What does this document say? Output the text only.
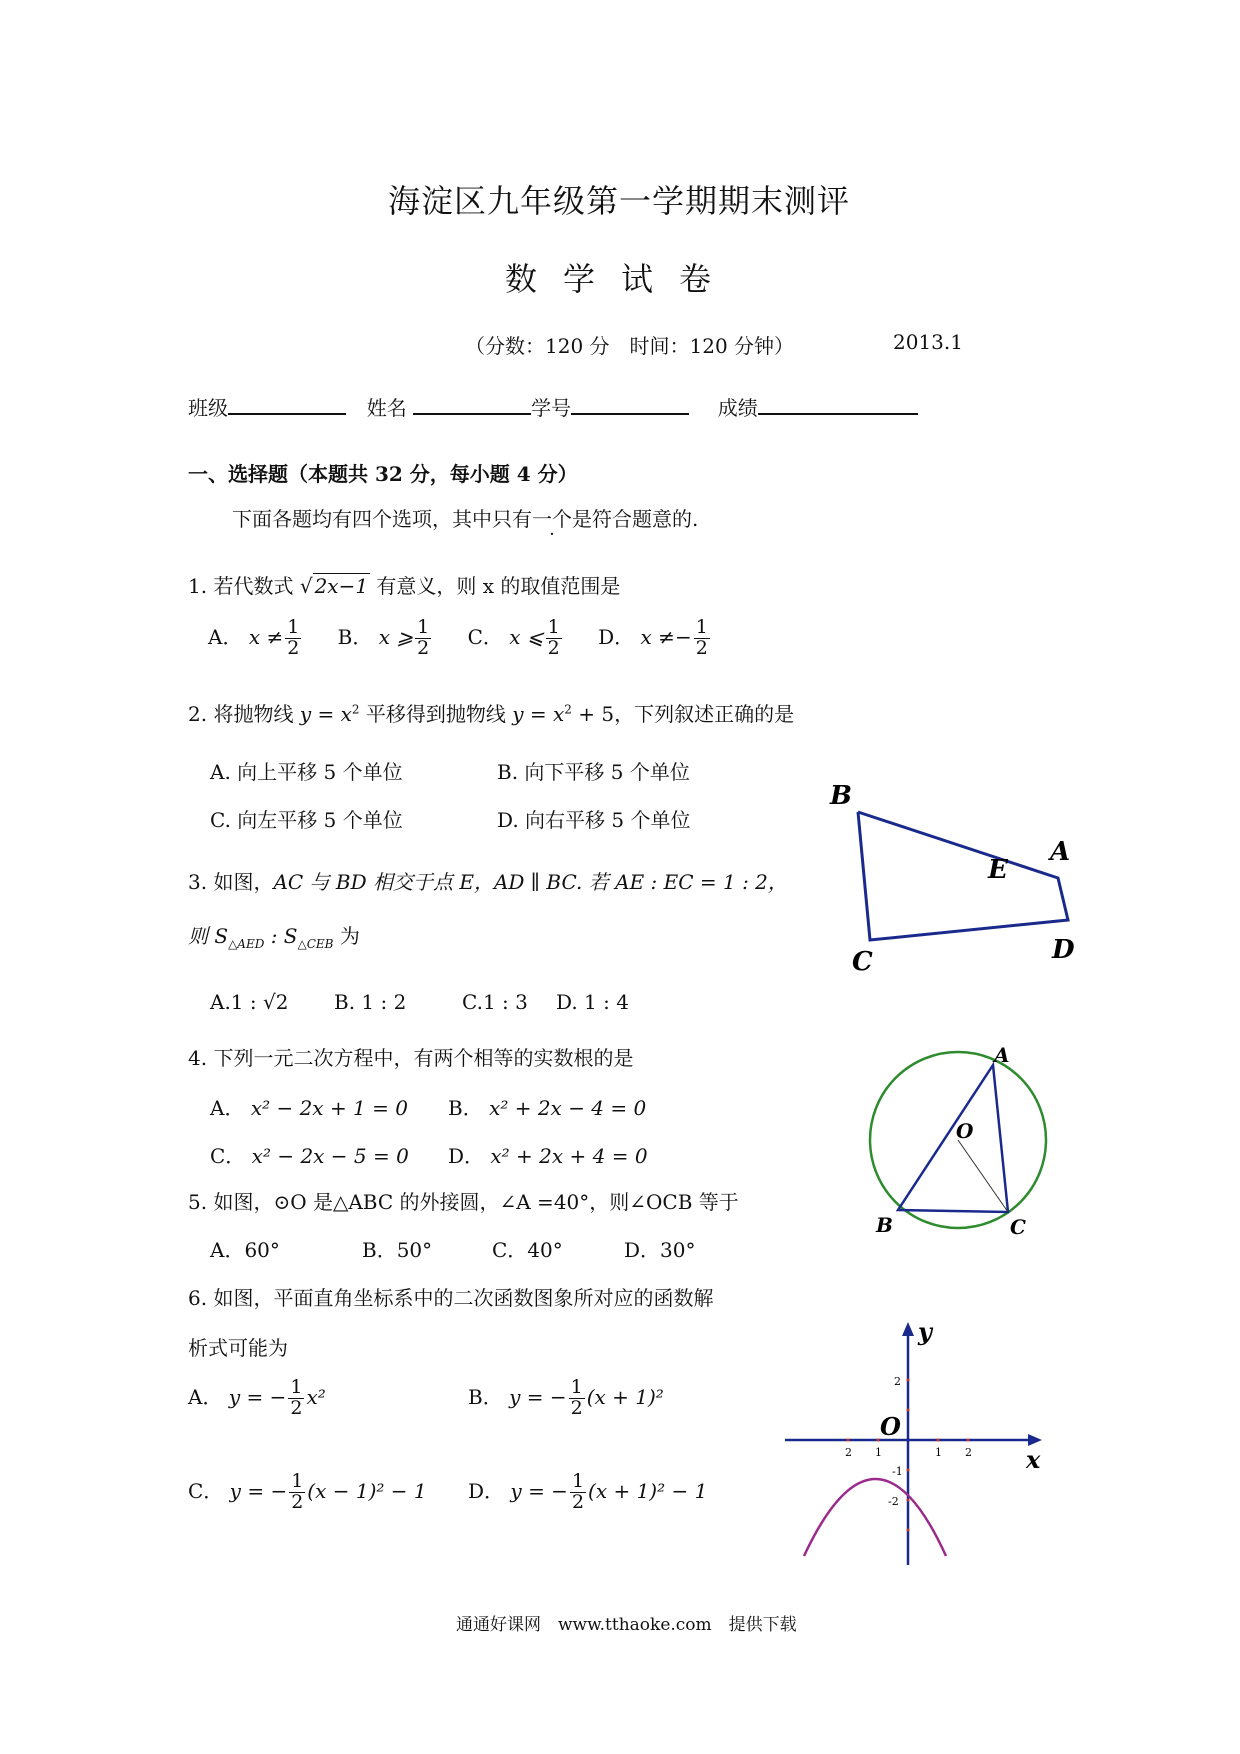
海淀区九年级第一学期期末测评
数学试卷
（分数：120 分　时间：120 分钟）	2013.1
班级	姓名	学号	成绩
一、选择题（本题共 32 分，每小题 4 分）
下面各题均有四个选项，其中只有一个是符合题意的.
1. 若代数式 √ 2x−1 有意义，则 x 的取值范围是
A． $x \ne \frac{1}{2}$ B． x ⩾ $\frac{1}{2}$ C． x ⩽ $\frac{1}{2}$ D． $x \ne- \frac{1}{2}$
2. 将抛物线 $y = x^2$ 平移得到抛物线 $y = x^2 + 5$，下列叙述正确的是
A. 向上平移 5 个单位	B. 向下平移 5 个单位
C. 向左平移 5 个单位	D. 向右平移 5 个单位
3. 如图，AC 与 BD 相交于点 E，AD ∥ BC. 若 AE : EC = 1 : 2，
则 $S_{\triangle AED}$ : $S_{\triangle CEB}$ 为
A.1 : √2 B. 1 : 2	C.1 : 3 D. 1 : 4
4. 下列一元二次方程中，有两个相等的实数根的是
A． x² − 2x + 1 = 0 B． x² + 2x − 4 = 0
C． x² − 2x − 5 = 0 D． x² + 2x + 4 = 0
5. 如图，⊙O 是△ABC 的外接圆，∠A =40°，则∠OCB 等于
A．60°	B．50°	C．40°	D．30°
6. 如图，平面直角坐标系中的二次函数图象所对应的函数解
析式可能为
A． y = − $\frac{1}{2} x^2$	B． y = − $\frac{1}{2} (x + 1)^2$
C． y = − $\frac{1}{2} (x - 1)^2 - 1$ D． y = − $\frac{1}{2} (x + 1)^2 - 1$
B
A
E
C	D
A
O
B	C
y
x
O
2
-1
-2
2 1	1 2
通通好课网　www.tthaoke.com　提供下载
